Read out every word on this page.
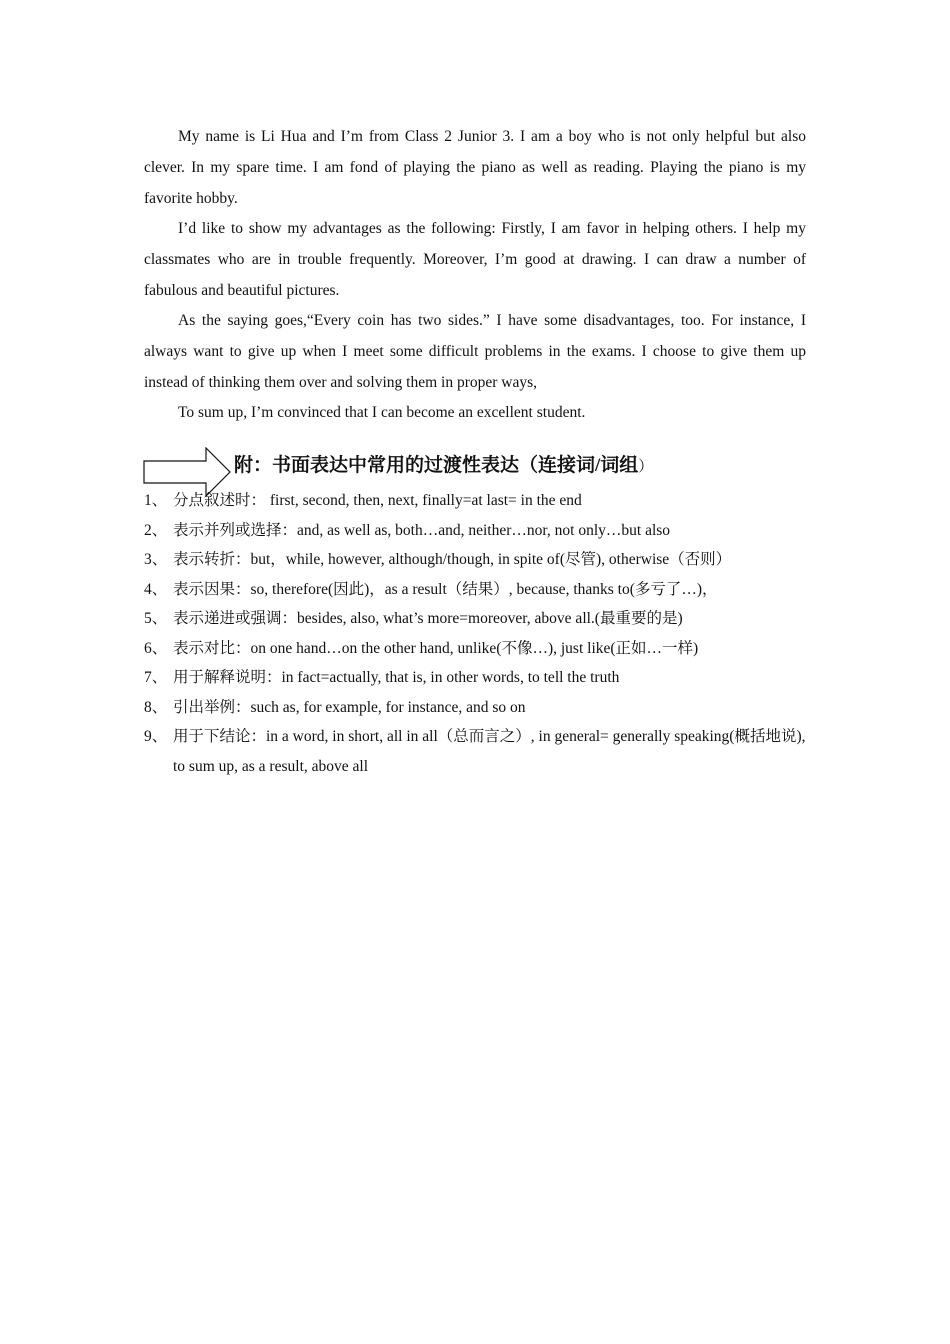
My name is Li Hua and I’m from Class 2 Junior 3. I am a boy who is not only helpful but also clever. In my spare time. I am fond of playing the piano as well as reading. Playing the piano is my favorite hobby.

I’d like to show my advantages as the following: Firstly, I am favor in helping others. I help my classmates who are in trouble frequently. Moreover, I’m good at drawing. I can draw a number of fabulous and beautiful pictures.

As the saying goes,“Every coin has two sides.” I have some disadvantages, too. For instance, I always want to give up when I meet some difficult problems in the exams. I choose to give them up instead of thinking them over and solving them in proper ways,

To sum up, I’m convinced that I can become an excellent student.

附：书面表达中常用的过渡性表达（连接词/词组）
1、 分点叙述时： first, second, then, next, finally=at last= in the end
2、 表示并列或选择：and, as well as, both…and, neither…nor, not only…but also
3、 表示转折：but，while, however, although/though, in spite of(尽管), otherwise（否则）
4、 表示因果：so, therefore(因此)，as a result（结果）, because, thanks to(多亏了…)，
5、 表示递进或强调：besides, also, what’s more=moreover, above all.(最重要的是)
6、 表示对比：on one hand…on the other hand, unlike(不像…), just like(正如…一样)
7、 用于解释说明：in fact=actually, that is, in other words, to tell the truth
8、 引出举例：such as, for example, for instance, and so on
9、 用于下结论：in a word, in short, all in all（总而言之）, in general= generally speaking(概括地说), to sum up, as a result, above all
